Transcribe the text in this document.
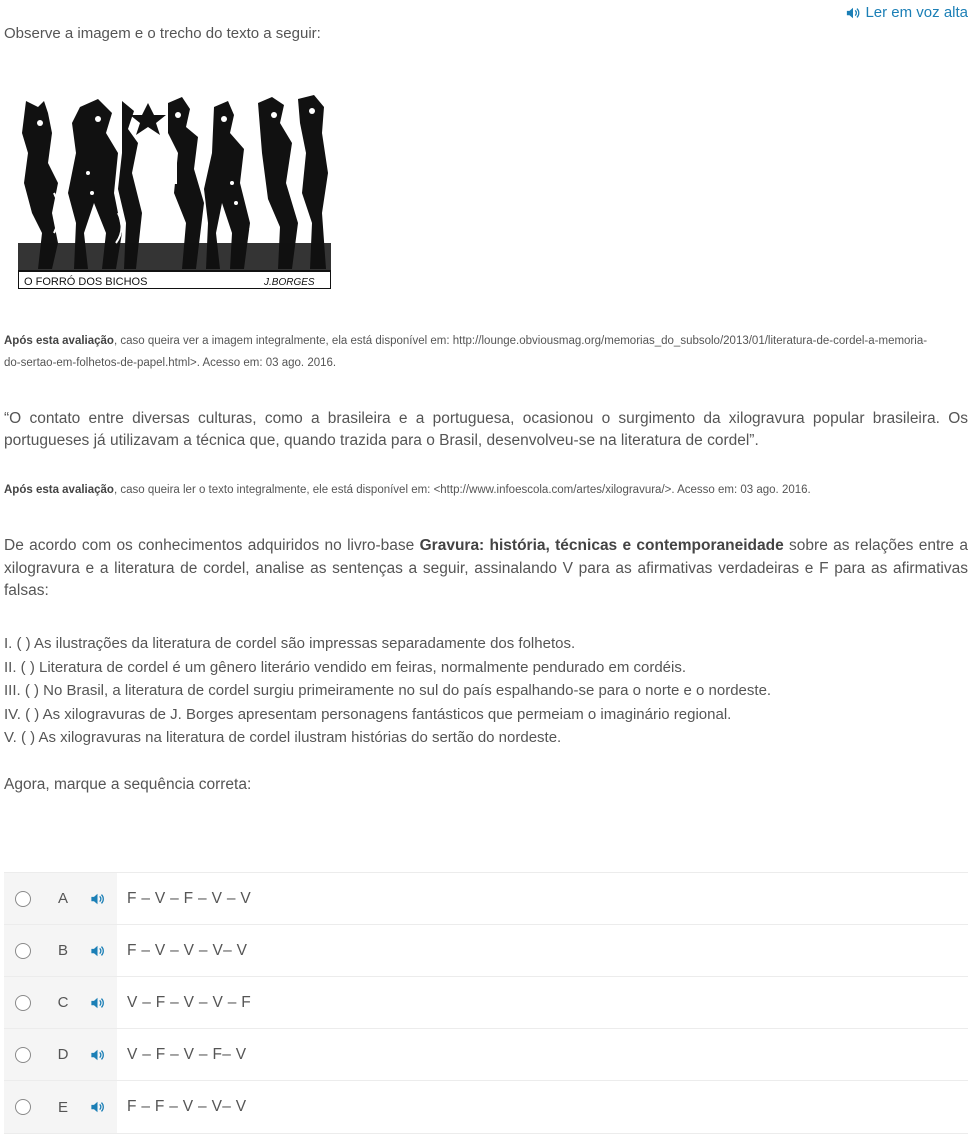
Ler em voz alta

Observe a imagem e o trecho do texto a seguir:

O FORRÓ DOS BICHOS	J.BORGES

Após esta avaliação, caso queira ver a imagem integralmente, ela está disponível em: http://lounge.obviousmag.org/memorias_do_subsolo/2013/01/literatura-de-cordel-a-memoria-
do-sertao-em-folhetos-de-papel.html>. Acesso em: 03 ago. 2016.

“O contato entre diversas culturas, como a brasileira e a portuguesa, ocasionou o surgimento da xilogravura popular brasileira. Os portugueses já utilizavam a técnica que, quando trazida para o Brasil, desenvolveu-se na literatura de cordel”.

Após esta avaliação, caso queira ler o texto integralmente, ele está disponível em: <http://www.infoescola.com/artes/xilogravura/>. Acesso em: 03 ago. 2016.

De acordo com os conhecimentos adquiridos no livro-base Gravura: história, técnicas e contemporaneidade sobre as relações entre a xilogravura e a literatura de cordel, analise as sentenças a seguir, assinalando V para as afirmativas verdadeiras e F para as afirmativas falsas:

I. ( ) As ilustrações da literatura de cordel são impressas separadamente dos folhetos.
II. ( ) Literatura de cordel é um gênero literário vendido em feiras, normalmente pendurado em cordéis.
III. ( ) No Brasil, a literatura de cordel surgiu primeiramente no sul do país espalhando-se para o norte e o nordeste.
IV. ( ) As xilogravuras de J. Borges apresentam personagens fantásticos que permeiam o imaginário regional.
V. ( ) As xilogravuras na literatura de cordel ilustram histórias do sertão do nordeste.

Agora, marque a sequência correta:

A	F – V – F – V – V
B	F – V – V – V– V
C	V – F – V – V – F
D	V – F – V – F– V
E	F – F – V – V– V
